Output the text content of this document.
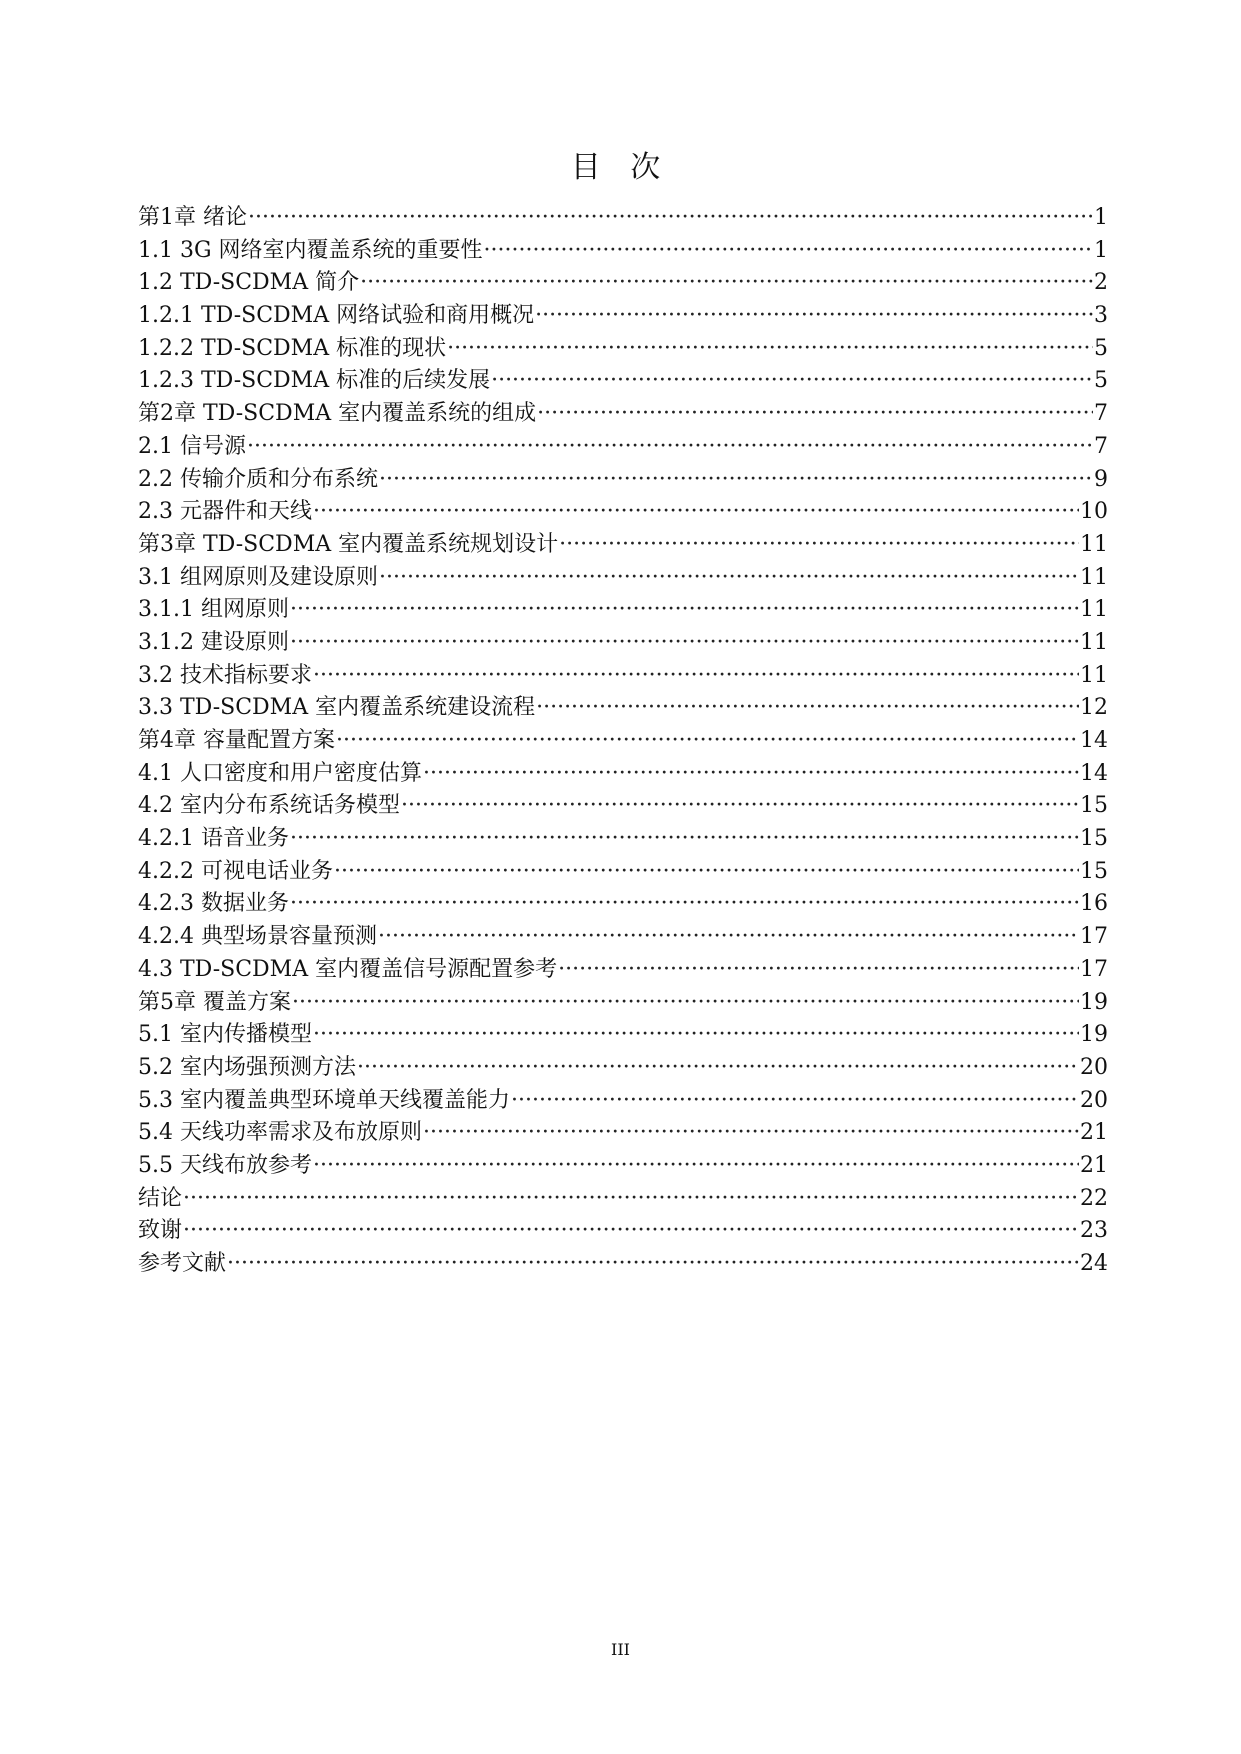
目 次
第1章 绪论 ·····	1
1.1 3G 网络室内覆盖系统的重要性 ·····	1
1.2 TD-SCDMA 简介 ·····	2
1.2.1 TD-SCDMA 网络试验和商用概况 ·····	3
1.2.2 TD-SCDMA 标准的现状 ·····	5
1.2.3 TD-SCDMA 标准的后续发展 ·····	5
第2章 TD-SCDMA 室内覆盖系统的组成 ·····	7
2.1 信号源 ·····	7
2.2 传输介质和分布系统 ·····	9
2.3 元器件和天线 ·····	10
第3章 TD-SCDMA 室内覆盖系统规划设计 ·····	11
3.1 组网原则及建设原则 ·····	11
3.1.1 组网原则 ·····	11
3.1.2 建设原则 ·····	11
3.2 技术指标要求 ·····	11
3.3 TD-SCDMA 室内覆盖系统建设流程 ·····	12
第4章 容量配置方案 ·····	14
4.1 人口密度和用户密度估算 ·····	14
4.2 室内分布系统话务模型 ·····	15
4.2.1 语音业务 ·····	15
4.2.2 可视电话业务 ·····	15
4.2.3 数据业务 ·····	16
4.2.4 典型场景容量预测 ·····	17
4.3 TD-SCDMA 室内覆盖信号源配置参考 ·····	17
第5章 覆盖方案 ·····	19
5.1 室内传播模型 ·····	19
5.2 室内场强预测方法 ·····	20
5.3 室内覆盖典型环境单天线覆盖能力 ·····	20
5.4 天线功率需求及布放原则 ·····	21
5.5 天线布放参考 ·····	21
结论 ·····	22
致谢 ·····	23
参考文献 ·····	24
III
